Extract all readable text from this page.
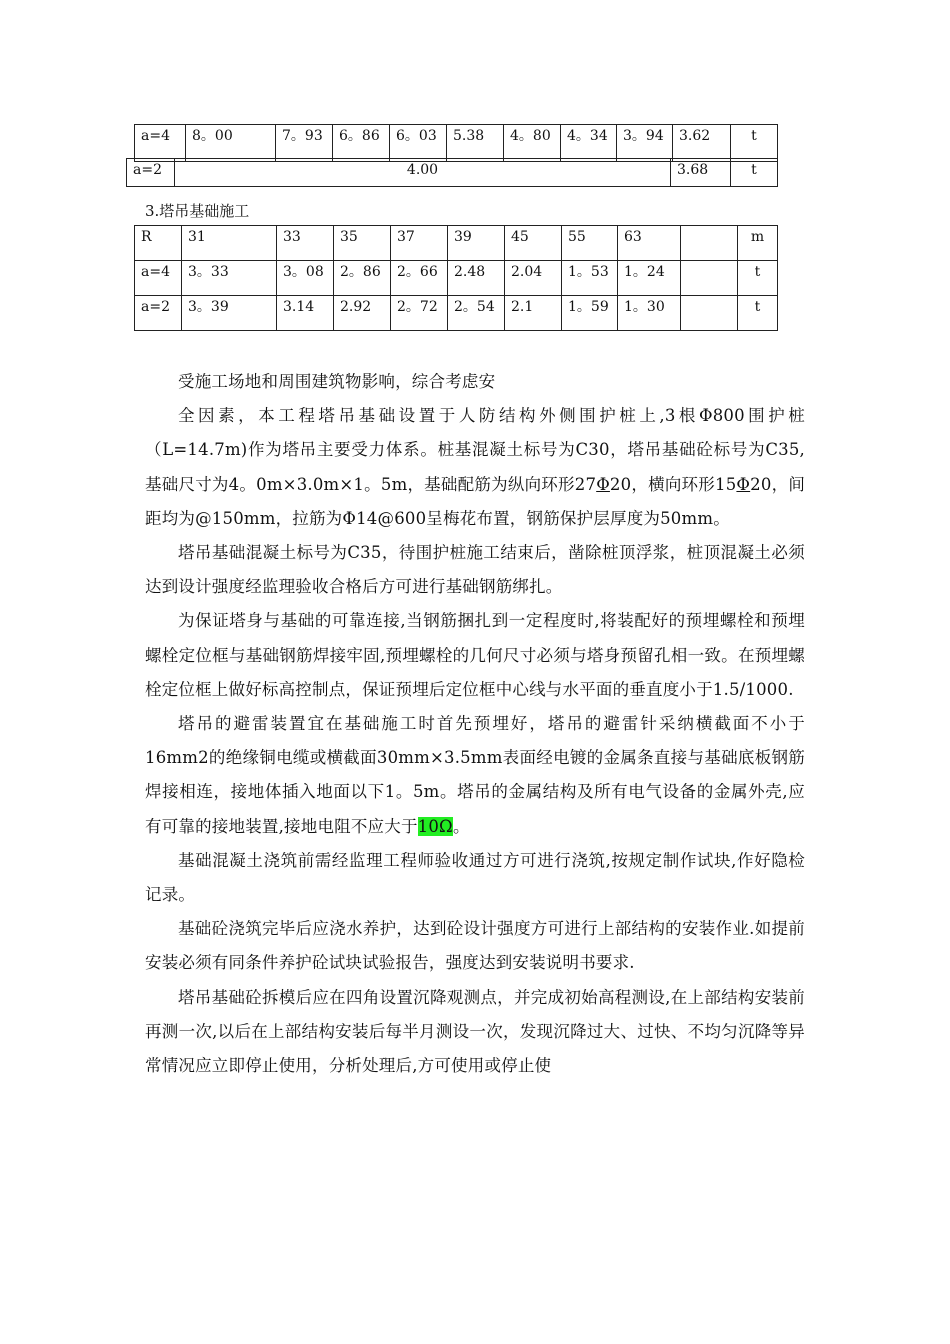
a=4	8。00	7。93	6。86	6。03	5.38	4。80	4。34	3。94	3.62	t
a=2	4.00	3.68	t
3.塔吊基础施工
R	31	33	35	37	39	45	55	63		m
a=4	3。33	3。08	2。86	2。66	2.48	2.04	1。53	1。24		t
a=2	3。39	3.14	2.92	2。72	2。54	2.1	1。59	1。30		t

受施工场地和周围建筑物影响，综合考虑安

全因素，本工程塔吊基础设置于人防结构外侧围护桩上,3根Φ800围护桩（L=14.7m)作为塔吊主要受力体系。桩基混凝土标号为C30，塔吊基础砼标号为C35,基础尺寸为4。0m×3.0m×1。5m，基础配筋为纵向环形27Φ20，横向环形15Φ20，间距均为@150mm，拉筋为Φ14@600呈梅花布置，钢筋保护层厚度为50mm。

塔吊基础混凝土标号为C35，待围护桩施工结束后，凿除桩顶浮浆，桩顶混凝土必须达到设计强度经监理验收合格后方可进行基础钢筋绑扎。

为保证塔身与基础的可靠连接,当钢筋捆扎到一定程度时,将装配好的预埋螺栓和预埋螺栓定位框与基础钢筋焊接牢固,预埋螺栓的几何尺寸必须与塔身预留孔相一致。在预埋螺栓定位框上做好标高控制点，保证预埋后定位框中心线与水平面的垂直度小于1.5/1000.

塔吊的避雷装置宜在基础施工时首先预埋好，塔吊的避雷针采纳横截面不小于16mm2的绝缘铜电缆或横截面30mm×3.5mm表面经电镀的金属条直接与基础底板钢筋焊接相连，接地体插入地面以下1。5m。塔吊的金属结构及所有电气设备的金属外壳,应有可靠的接地装置,接地电阻不应大于10Ω。

基础混凝土浇筑前需经监理工程师验收通过方可进行浇筑,按规定制作试块,作好隐检记录。

基础砼浇筑完毕后应浇水养护，达到砼设计强度方可进行上部结构的安装作业.如提前安装必须有同条件养护砼试块试验报告，强度达到安装说明书要求.

塔吊基础砼拆模后应在四角设置沉降观测点，并完成初始高程测设,在上部结构安装前再测一次,以后在上部结构安装后每半月测设一次，发现沉降过大、过快、不均匀沉降等异常情况应立即停止使用，分析处理后,方可使用或停止使
